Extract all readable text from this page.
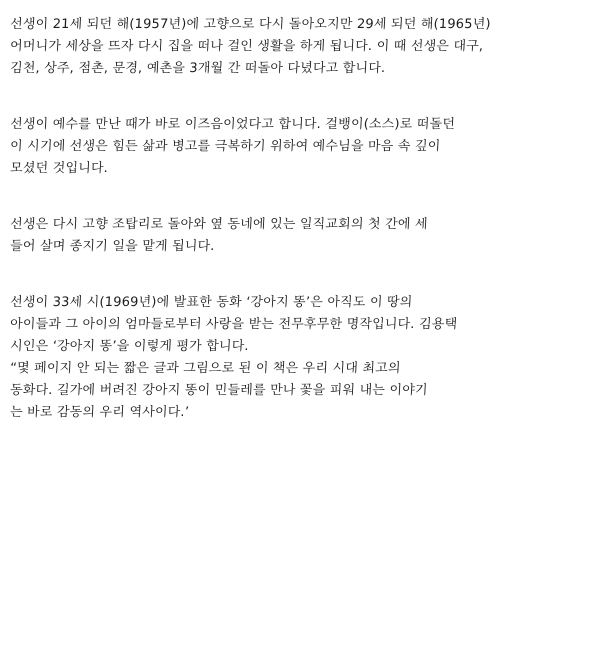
선생이 21세 되던 해(1957년)에 고향으로 다시 돌아오지만 29세 되던 해(1965년)
어머니가 세상을 뜨자 다시 집을 떠나 걸인 생활을 하게 됩니다. 이 때 선생은 대구,
김천, 상주, 점촌, 문경, 예촌을 3개월 간 떠돌아 다녔다고 합니다.
선생이 예수를 만난 때가 바로 이즈음이었다고 합니다. 걸뱅이(소스)로 떠돌던
이 시기에 선생은 힘든 삶과 병고를 극복하기 위하여 예수님을 마음 속 깊이
모셨던 것입니다.
선생은 다시 고향 조탑리로 돌아와 옆 동네에 있는 일직교회의 첫 간에 세
들어 살며 종지기 일을 맡게 됩니다.
선생이 33세 시(1969년)에 발표한 동화 ‘강아지 똥’은 아직도 이 땅의
아이들과 그 아이의 엄마들로부터 사랑을 받는 전무후무한 명작입니다. 김용택
시인은 ‘강아지 똥’을 이렇게 평가 합니다.
“몇 페이지 안 되는 짧은 글과 그림으로 된 이 책은 우리 시대 최고의
동화다. 길가에 버려진 강아지 똥이 민들레를 만나 꽃을 피워 내는 이야기
는 바로 감동의 우리 역사이다.’
